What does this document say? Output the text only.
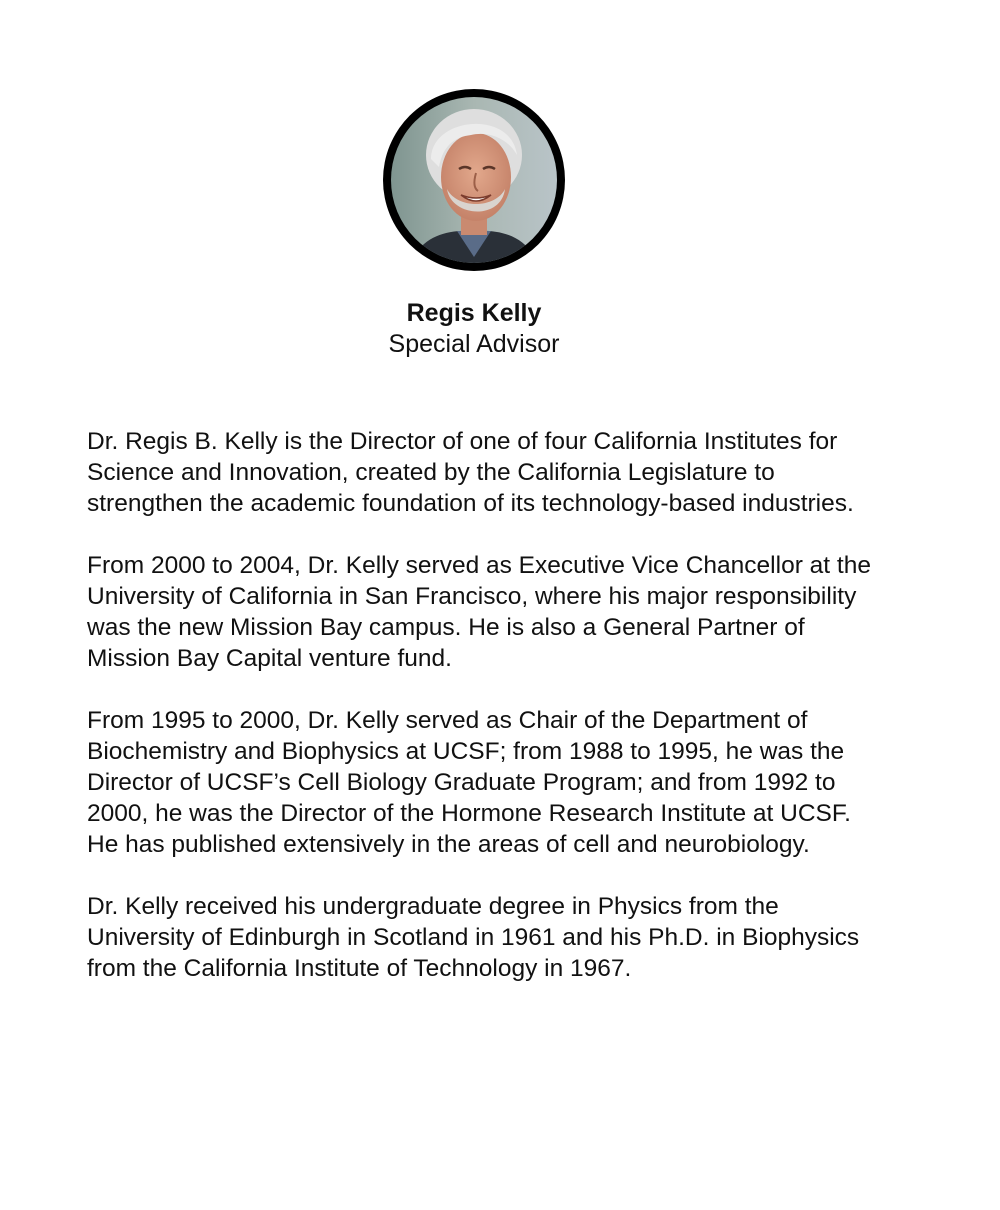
Regis Kelly
Special Advisor

Dr. Regis B. Kelly is the Director of one of four California Institutes for Science and Innovation, created by the California Legislature to strengthen the academic foundation of its technology-based industries.

From 2000 to 2004, Dr. Kelly served as Executive Vice Chancellor at the University of California in San Francisco, where his major responsibility was the new Mission Bay campus. He is also a General Partner of Mission Bay Capital venture fund.

From 1995 to 2000, Dr. Kelly served as Chair of the Department of Biochemistry and Biophysics at UCSF; from 1988 to 1995, he was the Director of UCSF’s Cell Biology Graduate Program; and from 1992 to 2000, he was the Director of the Hormone Research Institute at UCSF. He has published extensively in the areas of cell and neurobiology.

Dr. Kelly received his undergraduate degree in Physics from the University of Edinburgh in Scotland in 1961 and his Ph.D. in Biophysics from the California Institute of Technology in 1967.
